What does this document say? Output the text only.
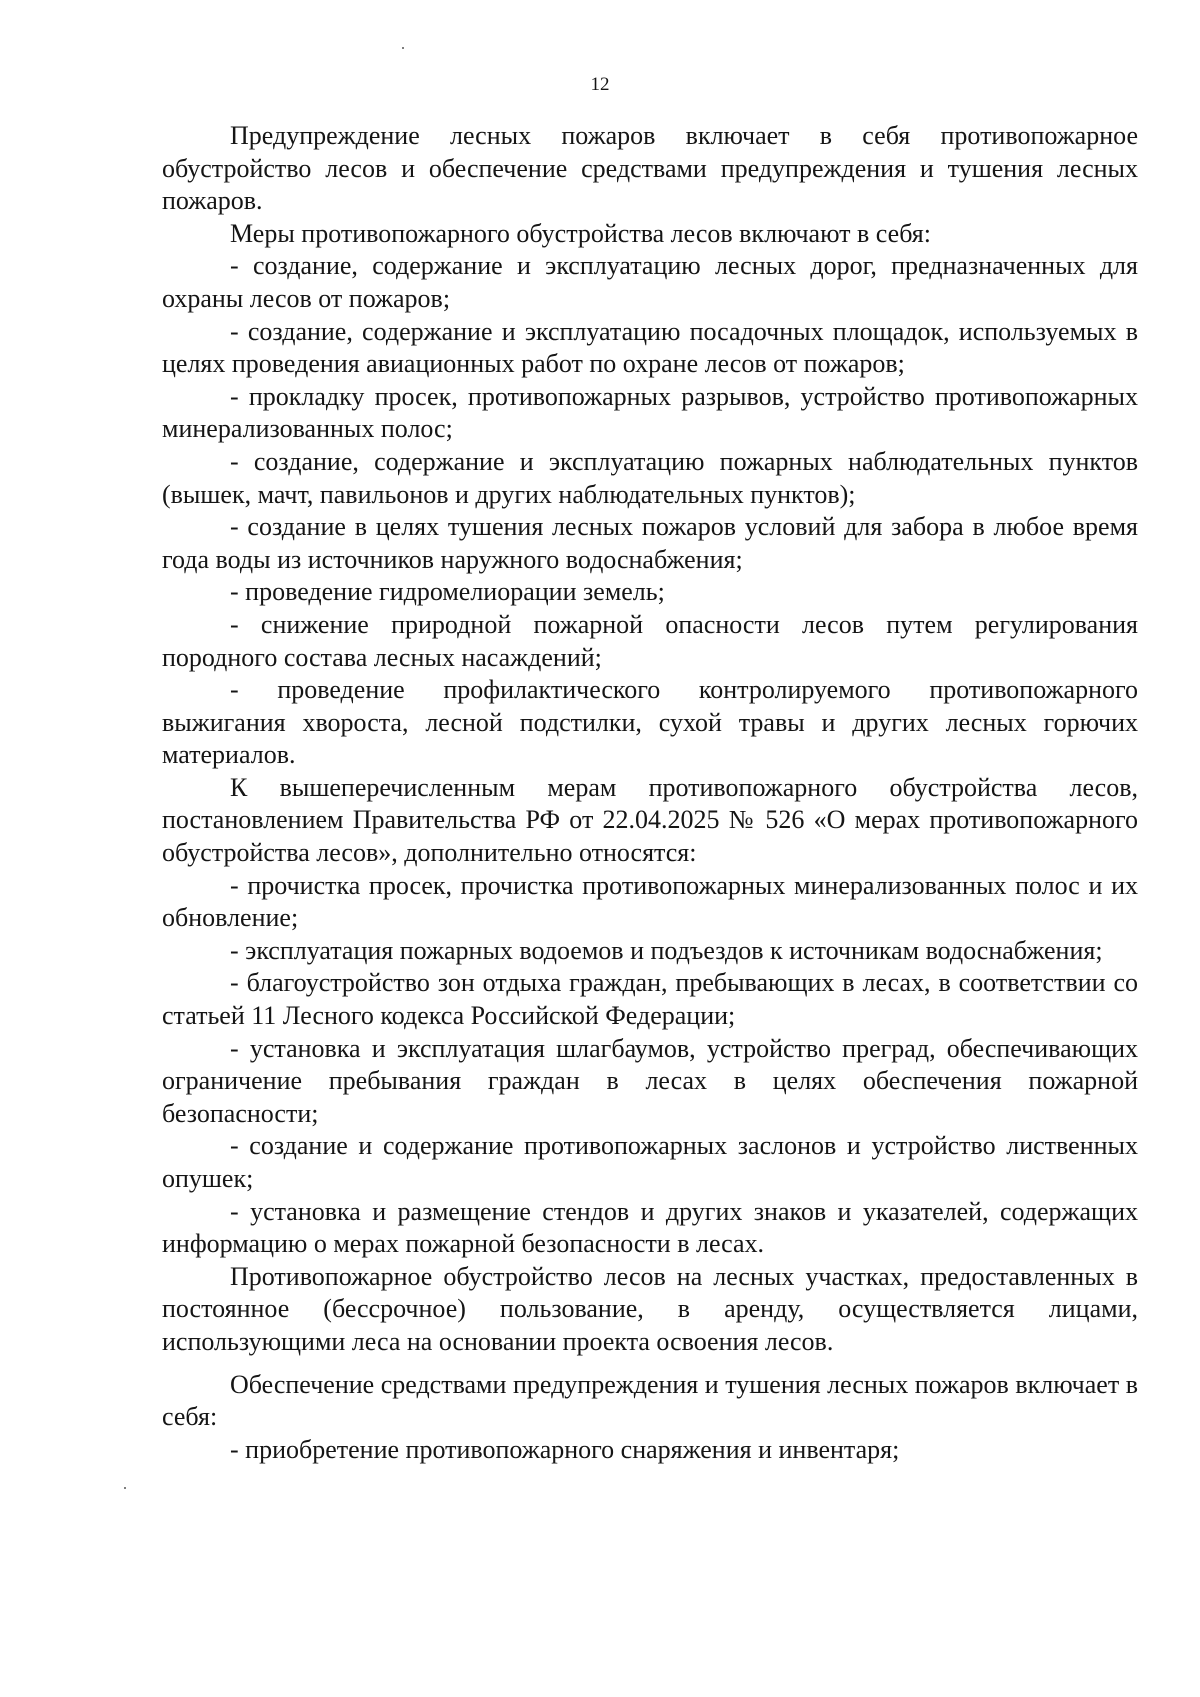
12

Предупреждение лесных пожаров включает в себя противопожарное обустройство лесов и обеспечение средствами предупреждения и тушения лесных пожаров.

Меры противопожарного обустройства лесов включают в себя:

- создание, содержание и эксплуатацию лесных дорог, предназначенных для охраны лесов от пожаров;

- создание, содержание и эксплуатацию посадочных площадок, используемых в целях проведения авиационных работ по охране лесов от пожаров;

- прокладку просек, противопожарных разрывов, устройство противопожарных минерализованных полос;

- создание, содержание и эксплуатацию пожарных наблюдательных пунктов (вышек, мачт, павильонов и других наблюдательных пунктов);

- создание в целях тушения лесных пожаров условий для забора в любое время года воды из источников наружного водоснабжения;

- проведение гидромелиорации земель;

- снижение природной пожарной опасности лесов путем регулирования породного состава лесных насаждений;

- проведение профилактического контролируемого противопожарного выжигания хвороста, лесной подстилки, сухой травы и других лесных горючих материалов.

К вышеперечисленным мерам противопожарного обустройства лесов, постановлением Правительства РФ от 22.04.2025 № 526 «О мерах противопожарного обустройства лесов», дополнительно относятся:

- прочистка просек, прочистка противопожарных минерализованных полос и их обновление;

- эксплуатация пожарных водоемов и подъездов к источникам водоснабжения;

- благоустройство зон отдыха граждан, пребывающих в лесах, в соответствии со статьей 11 Лесного кодекса Российской Федерации;

- установка и эксплуатация шлагбаумов, устройство преград, обеспечивающих ограничение пребывания граждан в лесах в целях обеспечения пожарной безопасности;

- создание и содержание противопожарных заслонов и устройство лиственных опушек;

- установка и размещение стендов и других знаков и указателей, содержащих информацию о мерах пожарной безопасности в лесах.

Противопожарное обустройство лесов на лесных участках, предоставленных в постоянное (бессрочное) пользование, в аренду, осуществляется лицами, использующими леса на основании проекта освоения лесов.

Обеспечение средствами предупреждения и тушения лесных пожаров включает в себя:

- приобретение противопожарного снаряжения и инвентаря;
